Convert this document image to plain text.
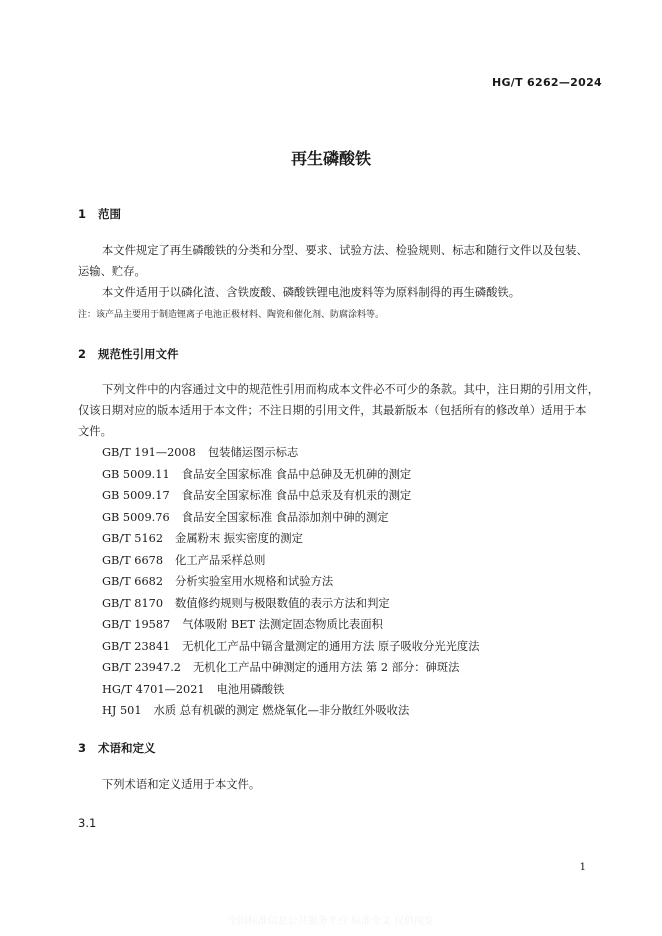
HG/T 6262—2024
再生磷酸铁
1 范围
本文件规定了再生磷酸铁的分类和分型、要求、试验方法、检验规则、标志和随行文件以及包装、
运输、贮存。
本文件适用于以磷化渣、含铁废酸、磷酸铁锂电池废料等为原料制得的再生磷酸铁。
注：该产品主要用于制造锂离子电池正极材料、陶瓷和催化剂、防腐涂料等。
2 规范性引用文件
下列文件中的内容通过文中的规范性引用而构成本文件必不可少的条款。其中，注日期的引用文件，
仅该日期对应的版本适用于本文件；不注日期的引用文件，其最新版本（包括所有的修改单）适用于本
文件。
GB/T 191—2008 包装储运图示标志
GB 5009.11 食品安全国家标准 食品中总砷及无机砷的测定
GB 5009.17 食品安全国家标准 食品中总汞及有机汞的测定
GB 5009.76 食品安全国家标准 食品添加剂中砷的测定
GB/T 5162 金属粉末 振实密度的测定
GB/T 6678 化工产品采样总则
GB/T 6682 分析实验室用水规格和试验方法
GB/T 8170 数值修约规则与极限数值的表示方法和判定
GB/T 19587 气体吸附 BET 法测定固态物质比表面积
GB/T 23841 无机化工产品中镉含量测定的通用方法 原子吸收分光光度法
GB/T 23947.2 无机化工产品中砷测定的通用方法 第 2 部分：砷斑法
HG/T 4701—2021 电池用磷酸铁
HJ 501 水质 总有机碳的测定 燃烧氧化—非分散红外吸收法
3 术语和定义
下列术语和定义适用于本文件。
3.1
1
全国标准信息公共服务平台 标准全文 仅供阅览
